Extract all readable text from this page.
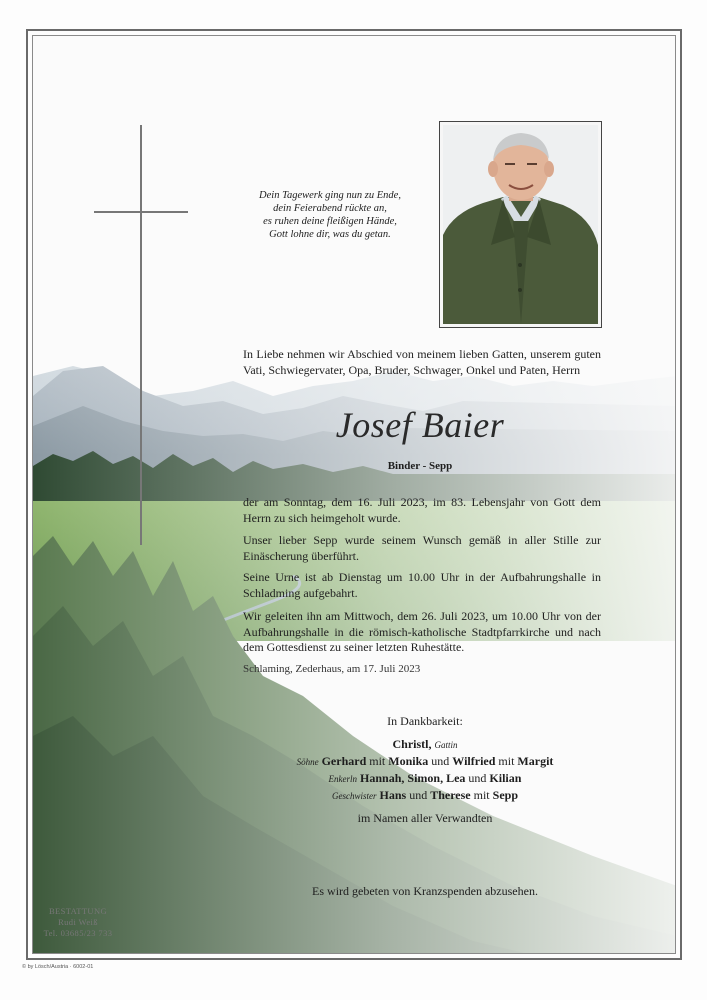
Dein Tagewerk ging nun zu Ende,
dein Feierabend rückte an,
es ruhen deine fleißigen Hände,
Gott lohne dir, was du getan.
In Liebe nehmen wir Abschied von meinem lieben Gatten, unserem guten Vati, Schwiegervater, Opa, Bruder, Schwager, Onkel und Paten, Herrn
Josef Baier
Binder - Sepp
der am Sonntag, dem 16. Juli 2023, im 83. Lebensjahr von Gott dem Herrn zu sich heimgeholt wurde.
Unser lieber Sepp wurde seinem Wunsch gemäß in aller Stille zur Einäscherung überführt.
Seine Urne ist ab Dienstag um 10.00 Uhr in der Aufbahrungshalle in Schladming aufgebahrt.
Wir geleiten ihn am Mittwoch, dem 26. Juli 2023, um 10.00 Uhr von der Aufbahrungshalle in die römisch-katholische Stadtpfarrkirche und nach dem Gottesdienst zu seiner letzten Ruhestätte.
Schlaming, Zederhaus, am 17. Juli 2023
In Dankbarkeit:
Christl, Gattin
Söhne Gerhard mit Monika und Wilfried mit Margit
Enkerln Hannah, Simon, Lea und Kilian
Geschwister Hans und Therese mit Sepp
im Namen aller Verwandten
Es wird gebeten von Kranzspenden abzusehen.
BESTATTUNG
Rudi Weiß
Tel. 03685/23 733
© by Lösch/Austria · 6002-01
